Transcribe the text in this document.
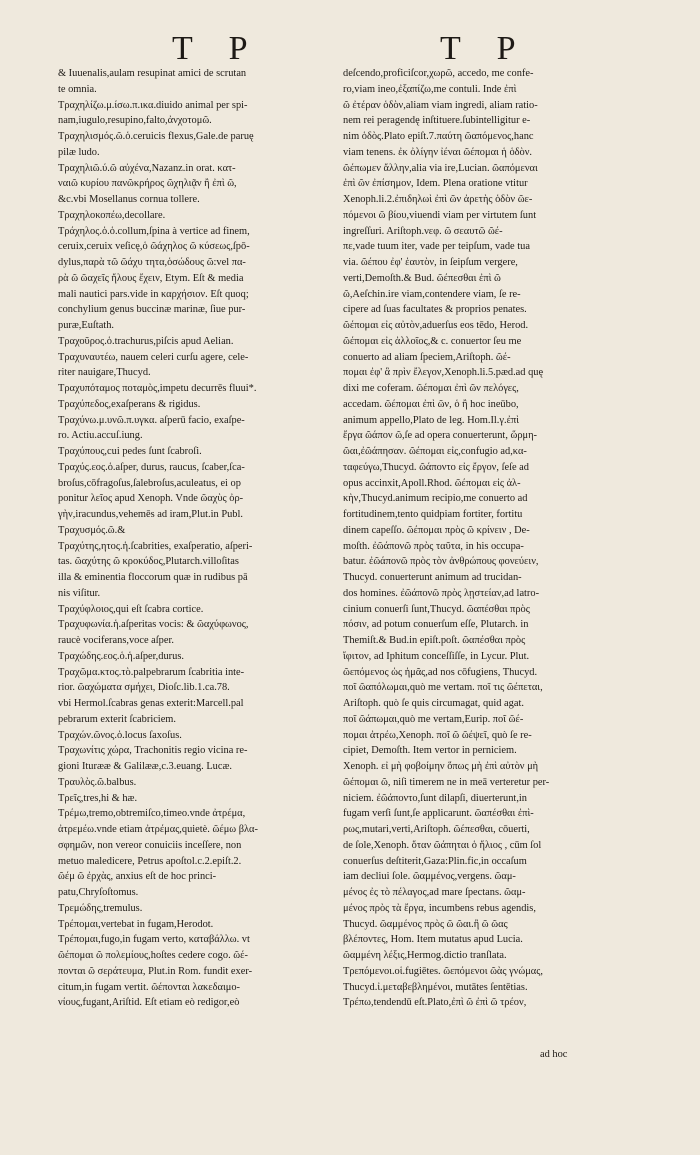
T P	T P
& Iuuenalis,aulam resupinat amici de scrutan
te omnia.
Τραχηλίζω.μ.ίσω.π.ικα.diuido animal per spi-
nam,iugulo,resupino,falto,ἀνχοτομῶ.
Τραχηλισμός.ῶ.ὁ.ceruicis flexus,Gale.de paruę
pilæ ludo.
Τραχηλιῶ.ύ.ῶ αὐχένα,Nazanz.in orat. κατ-
ναιῶ κυρίου πανῶκρήρος ῶχηλιᾷν ἢ ἐπὶ ῶ,
&c.vbi Mosellanus cornua tollere.
Τραχηλοκοπέω,decollare.
Τράχηλος.ὁ.ὁ.collum,ſpina à vertice ad finem,
ceruix,ceruix veſicę,ὁ ῶάχηλος ῶ κύσεως,ſpō-
dylus,παρὰ τῶ ῶάχυ τητα,ὁσώδους ῶ:vel πα-
ρὰ ῶ ῶαχεῖς ἤλους ἔχειν, Etym. Eſt & media
mali nautici pars.vide in καρχήσιον. Eſt quoq;
conchylium genus buccinæ marinæ, ſiue pur-
puræ,Euſtath.
Τραχοῦρος.ὁ.trachurus,piſcis apud Aelian.
Τραχυναυτέω, nauem celeri curſu agere, cele-
riter nauigare,Thucyd.
Τραχυπόταμος ποταμὸς,impetu decurrēs fluui*.
Τραχύπεδος,exaſperans & rigidus.
Τραχύνω.μ.υνῶ.π.υγκα. aſperū facio, exaſpe-
ro. Actiu.accuſ.iung.
Τραχύπους,cui pedes ſunt ſcabroſi.
Τραχύς.εος.ὁ.aſper, durus, raucus, ſcaber,ſca-
broſus,cōfragoſus,ſalebroſus,aculeatus, ei op
ponitur λεῖος apud Xenoph. Vnde ῶαχὺς ὀρ-
γὴν,iracundus,vehemēs ad iram,Plut.in Publ.
Τραχυσμός.ῶ.&
Τραχύτης,ητος.ἡ.ſcabrities, exaſperatio, aſperi-
tas. ῶαχύτης ῶ κροκύδος,Plutarch.villoſitas
illa & eminentia floccorum quæ in rudibus pā
nis viſitur.
Τραχύφλοιος,qui eſt ſcabra cortice.
Τραχυφωνία.ἡ.aſperitas vocis: & ῶαχύφωνος,
raucè vociferans,voce aſper.
Τραχώδης.εος.ὁ.ἡ.aſper,durus.
Τραχῶμα.κτος.τὸ.palpebrarum ſcabritia inte-
rior. ῶαχώματα σμήχει, Dioſc.lib.1.ca.78.
vbi Hermol.ſcabras genas exterit:Marcell.pal
pebrarum exterit ſcabriciem.
Τραχών.ῶνος.ὁ.locus ſaxoſus.
Τραχωνίτις χώρα, Trachonitis regio vicina re-
gioni Iturææ & Galilææ,c.3.euang. Lucæ.
Τραυλὸς.ῶ.balbus.
Τρεῖς,tres,hi & hæ.
Τρέμω,tremo,obtremiſco,timeo.vnde ἀτρέμα,
ἀτρεμέω.vnde etiam ἀτρέμας,quietè. ῶέμω βλα-
σφημῶν, non vereor conuiciis inceſſere, non
metuo maledicere, Petrus apoſtol.c.2.epiſt.2.
ῶέμ ῶ ἐρχὰς, anxius eſt de hoc princi-
patu,Chryſoſtomus.
Τρεμώδης,tremulus.
Τρέπομαι,vertebat in fugam,Herodot.
Τρέπομαι,fugo,in fugam verto, καταβάλλω. vt
ῶέπομαι ῶ πολεμίους,hoſtes cedere cogo. ῶέ-
πονται ῶ σεράτευμα, Plut.in Rom. fundit exer-
citum,in fugam vertit. ῶέπονται λακεδαιμο-
νίους,fugant,Ariſtid. Eſt etiam eò redigor,eò
deſcendo,proficiſcor,χωρῶ, accedo, me confe-
ro,viam ineo,ἐξαπίζω,me contuli. Inde ἐπὶ
ῶ ἐτέραν ὁδὸν,aliam viam ingredi, aliam ratio-
nem rei peragendę inſtituere.ſubintelligitur e-
nim ὁδὸς.Plato epiſt.7.παύτη ῶαπόμενος,hanc
viam tenens. ἐκ ὀλίγην ἰέναι ῶέπομαι ἡ ὁδὸν.
ῶέπωμεν ἄλλην,alia via ire,Lucian. ῶαπόμεναι
ἐπὶ ῶν ἐπίσημον, Idem. Plena oratione vtitur
Xenoph.li.2.ἐπιδηλωὶ ἐπὶ ῶν ἀρετὴς ὁδὸν ῶε-
πόμενοι ῶ βίου,viuendi viam per virtutem ſunt
ingreſſuri. Ariſtoph.νεφ. ῶ σεαυτῶ ῶέ-
πε,vade tuum iter, vade per teipſum, vade tua
via. ῶέπου ἐφ' ἑαυτὸν, in ſeipſum vergere,
verti,Demoſth.& Bud. ῶέπεσθαι ἐπὶ ῶ
ῶ,Aeſchin.ire viam,contendere viam, ſe re-
cipere ad ſuas facultates & proprios penates.
ῶέπομαι εἰς αὐτὸν,aduerſus eos tēdo, Herod.
ῶέπομαι εἰς ἀλλοῖος,& c. conuertor ſeu me
conuerto ad aliam ſpeciem,Ariſtoph. ῶέ-
πομαι ἐφ' ἃ πρὶν ἔλεγον,Xenoph.li.5.pæd.ad quę
dixi me coferam. ῶέπομαι ἐπὶ ῶν πελόγες,
accedam. ῶέπομαι ἐπὶ ῶν, ὁ ἢ hoc ineūbo,
animum appello,Plato de leg. Hom.Il.γ.ἐπὶ
ἔργα ῶάπον ῶ,ſe ad opera conuerterunt, ὥρμη-
ῶαι,ἐῶάπησαν. ῶέπομαι εἰς,confugio ad,κα-
ταφεύγω,Thucyd. ῶάποντο εἰς ἔργον, ſeſe ad
opus accinxit,Apoll.Rhod. ῶέπομαι εἰς ἀλ-
κὴν,Thucyd.animum recipio,me conuerto ad
fortitudinem,tento quidpiam fortiter, fortitu
dinem capeſſo. ῶέπομαι πρὸς ῶ κρίνειν , De-
moſth. ἐῶάπονῶ πρὸς ταῦτα, in his occupa-
batur. ἐῶάπονῶ πρὸς τὸν ἀνθρώπους φονεύειν,
Thucyd. conuerterunt animum ad trucidan-
dos homines. ἐῶάπονῶ πρὸς λῃστείαν,ad latro-
cinium conuerſi ſunt,Thucyd. ῶαπέσθαι πρὸς
πόσιν, ad potum conuerſum eſſe, Plutarch. in
Themiſt.& Bud.in epiſt.poſt. ῶαπέσθαι πρὸς
ἴφιτον, ad Iphitum conceſſiſſe, in Lycur. Plut.
ῶεπόμενος ὡς ἡμᾶς,ad nos cōfugiens, Thucyd.
ποῖ ῶαπόλωμαι,quò me vertam. ποῖ τις ῶέπεται,
Ariſtoph. quò ſe quis circumagat, quid agat.
ποῖ ῶάπωμαι,quò me vertam,Eurip. ποῖ ῶέ-
πομαι ἀτρέω,Xenoph. ποῖ ῶ ῶέψεῖ, quò ſe re-
cipiet, Demoſth. Item vertor in perniciem.
Xenoph. εἰ μὴ φοβοίμην ὅπως μὴ ἐπὶ αὐτὸν μὴ
ῶέπομαι ῶ, niſi timerem ne in meā verteretur per-
niciem. ἐῶάποντο,ſunt dilapſi, diuerterunt,in
fugam verſi ſunt,ſe applicarunt. ῶαπέσθαι ἐπὶ-
ρως,mutari,verti,Ariſtoph. ῶέπεσθαι, cōuerti,
de ſole,Xenoph. ὅταν ῶάπηται ὁ ἥλιος , cūm ſol
conuerſus deſtiterit,Gaza:Plin.fic,in occaſum
iam decliui ſole. ῶαμμένος,vergens. ῶαμ-
μένος ἐς τὸ πέλαγος,ad mare ſpectans. ῶαμ-
μένος πρὸς τὰ ἔργα, incumbens rebus agendis,
Thucyd. ῶαμμένος πρὸς ῶ ῶαι.ἢ ῶ ῶας
βλέποντες, Hom. Item mutatus apud Lucia.
ῶαμμένη λέξις,Hermog.dictio tranſlata.
Τρεπόμενοι.οἱ.fugiētes. ῶεπόμενοι ῶὰς γνώμας,
Thucyd.ἰ.μεταβεβλημένοι, mutātes ſentētias.
Τρέπω,tendendū eſt.Plato,ἐπὶ ῶ ἐπὶ ῶ τρέον,
ad hoc
